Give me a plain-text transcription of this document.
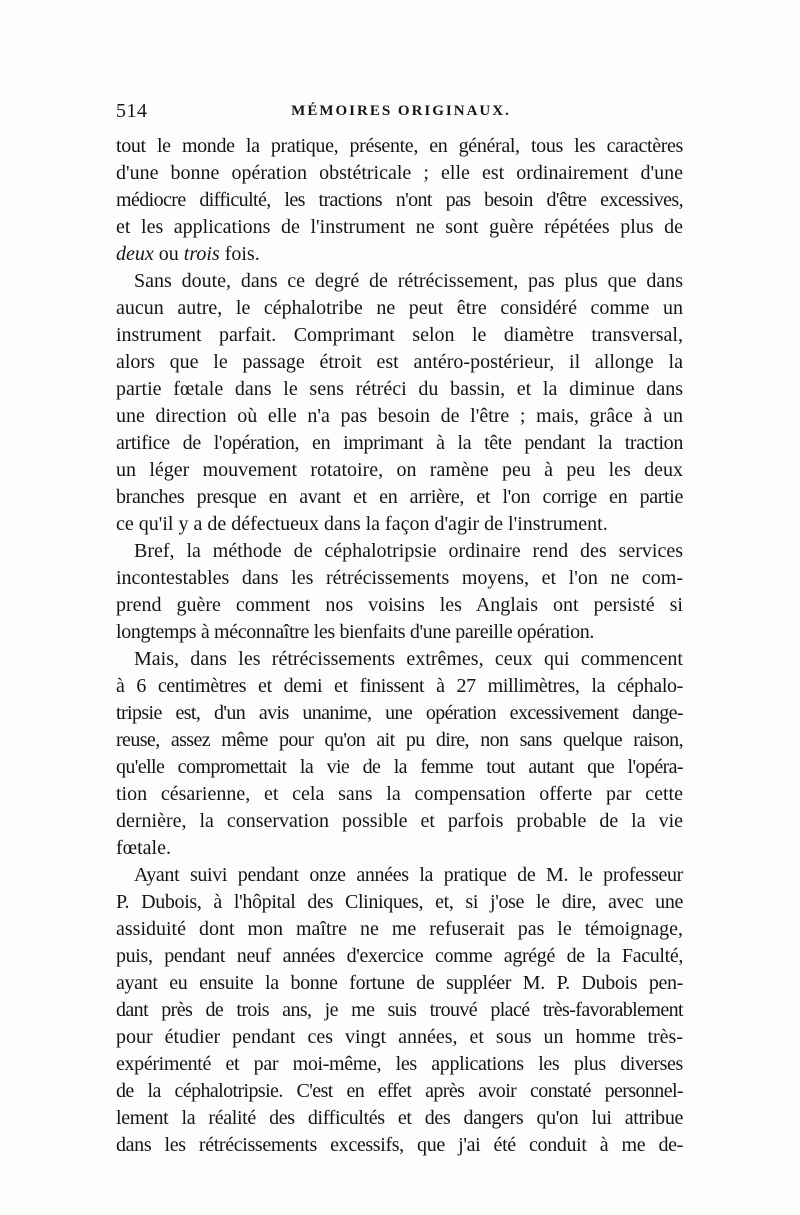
514	MÉMOIRES ORIGINAUX.
tout le monde la pratique, présente, en général, tous les caractères
d'une bonne opération obstétricale ; elle est ordinairement d'une
médiocre difficulté, les tractions n'ont pas besoin d'être excessives,
et les applications de l'instrument ne sont guère répétées plus de
deux ou trois fois.
Sans doute, dans ce degré de rétrécissement, pas plus que dans
aucun autre, le céphalotribe ne peut être considéré comme un
instrument parfait. Comprimant selon le diamètre transversal,
alors que le passage étroit est antéro-postérieur, il allonge la
partie fœtale dans le sens rétréci du bassin, et la diminue dans
une direction où elle n'a pas besoin de l'être ; mais, grâce à un
artifice de l'opération, en imprimant à la tête pendant la traction
un léger mouvement rotatoire, on ramène peu à peu les deux
branches presque en avant et en arrière, et l'on corrige en partie
ce qu'il y a de défectueux dans la façon d'agir de l'instrument.
Bref, la méthode de céphalotripsie ordinaire rend des services
incontestables dans les rétrécissements moyens, et l'on ne com-
prend guère comment nos voisins les Anglais ont persisté si
longtemps à méconnaître les bienfaits d'une pareille opération.
Mais, dans les rétrécissements extrêmes, ceux qui commencent
à 6 centimètres et demi et finissent à 27 millimètres, la céphalo-
tripsie est, d'un avis unanime, une opération excessivement dange-
reuse, assez même pour qu'on ait pu dire, non sans quelque raison,
qu'elle compromettait la vie de la femme tout autant que l'opéra-
tion césarienne, et cela sans la compensation offerte par cette
dernière, la conservation possible et parfois probable de la vie
fœtale.
Ayant suivi pendant onze années la pratique de M. le professeur
P. Dubois, à l'hôpital des Cliniques, et, si j'ose le dire, avec une
assiduité dont mon maître ne me refuserait pas le témoignage,
puis, pendant neuf années d'exercice comme agrégé de la Faculté,
ayant eu ensuite la bonne fortune de suppléer M. P. Dubois pen-
dant près de trois ans, je me suis trouvé placé très-favorablement
pour étudier pendant ces vingt années, et sous un homme très-
expérimenté et par moi-même, les applications les plus diverses
de la céphalotripsie. C'est en effet après avoir constaté personnel-
lement la réalité des difficultés et des dangers qu'on lui attribue
dans les rétrécissements excessifs, que j'ai été conduit à me de-
